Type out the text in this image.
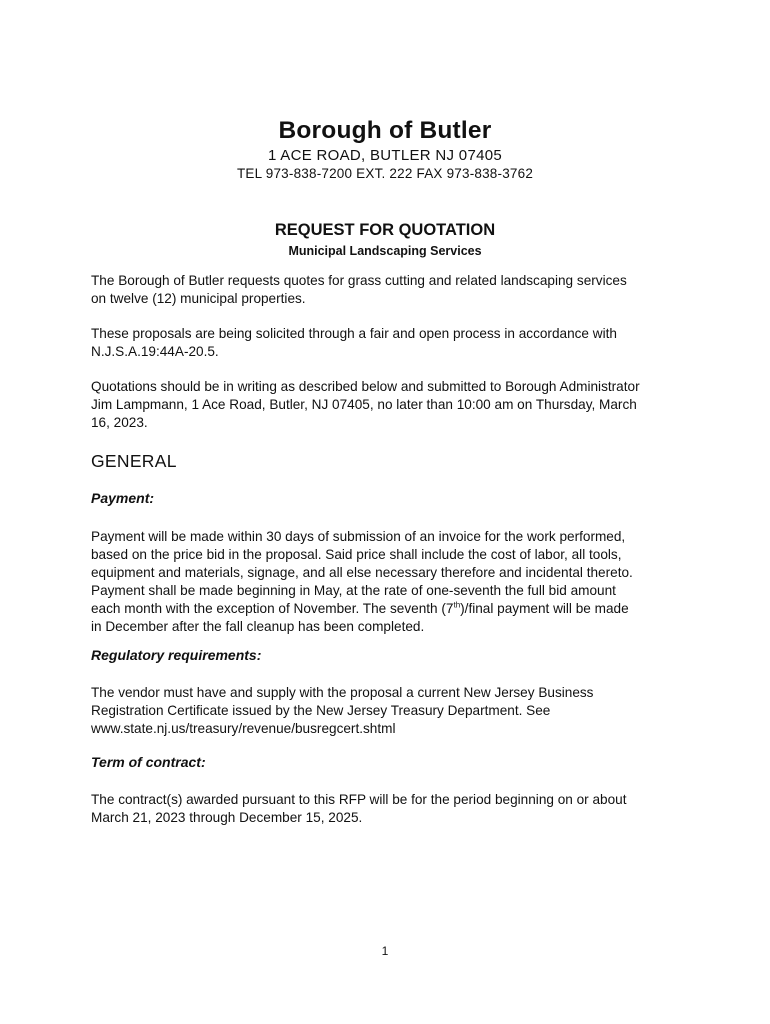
Borough of Butler
1 ACE ROAD, BUTLER NJ 07405
TEL 973-838-7200 EXT. 222 FAX 973-838-3762
REQUEST FOR QUOTATION
Municipal Landscaping Services
The Borough of Butler requests quotes for grass cutting and related landscaping services
on twelve (12) municipal properties.
These proposals are being solicited through a fair and open process in accordance with
N.J.S.A.19:44A-20.5.
Quotations should be in writing as described below and submitted to Borough Administrator
Jim Lampmann, 1 Ace Road, Butler, NJ 07405, no later than 10:00 am on Thursday, March
16, 2023.
GENERAL
Payment:
Payment will be made within 30 days of submission of an invoice for the work performed,
based on the price bid in the proposal. Said price shall include the cost of labor, all tools,
equipment and materials, signage, and all else necessary therefore and incidental thereto.
Payment shall be made beginning in May, at the rate of one-seventh the full bid amount
each month with the exception of November. The seventh (7th)/final payment will be made
in December after the fall cleanup has been completed.
Regulatory requirements:
The vendor must have and supply with the proposal a current New Jersey Business
Registration Certificate issued by the New Jersey Treasury Department. See
www.state.nj.us/treasury/revenue/busregcert.shtml
Term of contract:
The contract(s) awarded pursuant to this RFP will be for the period beginning on or about
March 21, 2023 through December 15, 2025.
1
